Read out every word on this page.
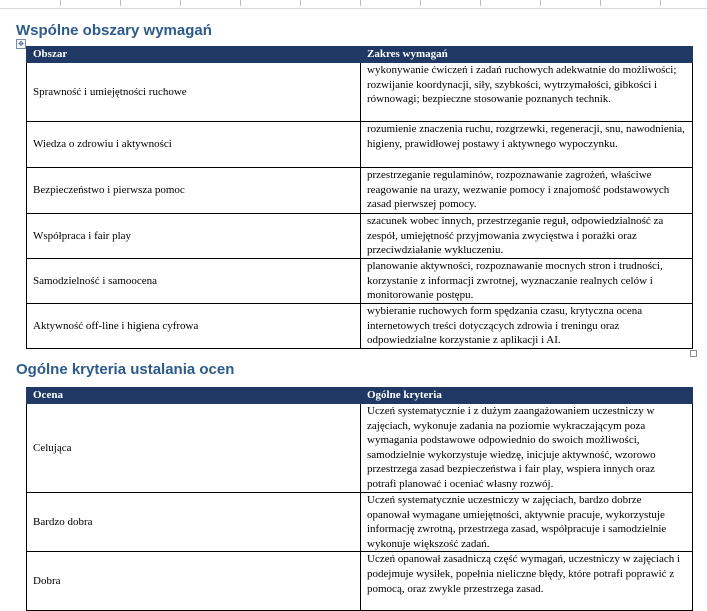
Wspólne obszary wymagań
✥
Obszar	Zakres wymagań
Sprawność i umiejętności ruchowe	wykonywanie ćwiczeń i zadań ruchowych adekwatnie do możliwości; rozwijanie koordynacji, siły, szybkości, wytrzymałości, gibkości i równowagi; bezpieczne stosowanie poznanych technik.
Wiedza o zdrowiu i aktywności	rozumienie znaczenia ruchu, rozgrzewki, regeneracji, snu, nawodnienia, higieny, prawidłowej postawy i aktywnego wypoczynku.
Bezpieczeństwo i pierwsza pomoc	przestrzeganie regulaminów, rozpoznawanie zagrożeń, właściwe reagowanie na urazy, wezwanie pomocy i znajomość podstawowych zasad pierwszej pomocy.
Współpraca i fair play	szacunek wobec innych, przestrzeganie reguł, odpowiedzialność za zespół, umiejętność przyjmowania zwycięstwa i porażki oraz przeciwdziałanie wykluczeniu.
Samodzielność i samoocena	planowanie aktywności, rozpoznawanie mocnych stron i trudności, korzystanie z informacji zwrotnej, wyznaczanie realnych celów i monitorowanie postępu.
Aktywność off-line i higiena cyfrowa	wybieranie ruchowych form spędzania czasu, krytyczna ocena internetowych treści dotyczących zdrowia i treningu oraz odpowiedzialne korzystanie z aplikacji i AI.
Ogólne kryteria ustalania ocen
Ocena	Ogólne kryteria
Celująca	Uczeń systematycznie i z dużym zaangażowaniem uczestniczy w zajęciach, wykonuje zadania na poziomie wykraczającym poza wymagania podstawowe odpowiednio do swoich możliwości, samodzielnie wykorzystuje wiedzę, inicjuje aktywność, wzorowo przestrzega zasad bezpieczeństwa i fair play, wspiera innych oraz potrafi planować i oceniać własny rozwój.
Bardzo dobra	Uczeń systematycznie uczestniczy w zajęciach, bardzo dobrze opanował wymagane umiejętności, aktywnie pracuje, wykorzystuje informację zwrotną, przestrzega zasad, współpracuje i samodzielnie wykonuje większość zadań.
Dobra	Uczeń opanował zasadniczą część wymagań, uczestniczy w zajęciach i podejmuje wysiłek, popełnia nieliczne błędy, które potrafi poprawić z pomocą, oraz zwykle przestrzega zasad.
